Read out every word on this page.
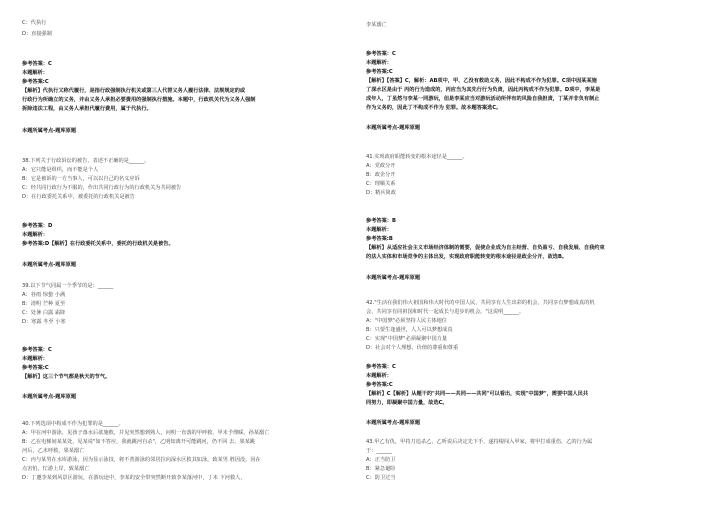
C：代执行
D：直接强制
参考答案：C
本题解析：
参考答案:C
【解析】代执行又称代履行，是指行政强制执行机关或第三人代替义务人履行法律、法规规定的或
行政行为所确立的义务，并由义务人承担必要费用的强制执行措施。本题中，行政机关代为义务人强制
拆除违法工程，由义务人承担代履行费用，属于代执行。
本题所属考点-题库原题
38.下列关于行政诉讼的被告，表述不正确的是______。
A：它只能是组织，而不能是个人
B：它是被诉的一方当事人，可以以自己的名义应诉
C：经共同行政行为不服的，作出共同行政行为的行政机关为共同被告
D：在行政委托关系中，被委托的行政机关是被告
参考答案：D
本题解析：
参考答案:D【解析】在行政委托关系中，委托的行政机关是被告。
本题所属考点-题库原题
39.以下节气同属一个季节的是：______
A：谷雨 惊蛰 小满
B：清明 芒种 夏至
C：处暑 白露 霜降
D：寒露 冬至 小寒
参考答案：C
本题解析：
参考答案:C
【解析】这三个节气都是秋天的节气。
本题所属考点-题库原题
40.下列选项中构成不作为犯罪的是______。
A：甲在河中游泳，见孩子落水后欲施救，并见突然想到熟人，问明一直落的甲呼救，甲未予理睬，孙某溺亡
B：乙在电梯间某某处，见某说"如不答应，我就跳河自杀"，乙明知离开可能跳河，仍不回 去，果某跳
河后，乙未呼救，果某溺亡
C：丙与某男在水库游泳，因为显示泳技，将不善游泳的邻居拉向深水区救其如泳，致某男 胜因没，因在
点害怕，忙游上岸，致某溺亡
D：丁邀李某到风景区游玩，在游玩途中，李某的安全带突然断开致李某落河中，丁未 下河救人，
李某溺亡
参考答案：C
本题解析：
参考答案:C
【解析】【答案】C，解析：AB项中，甲、乙没有救助义务，因此不构成不作为犯罪。C项中因某某施
了深水区是由于 丙的行为造成的，丙应当为其先行行为负责，因此丙构成不作为犯罪。D项中，李某是
成年人，丁虽然与李某一同游玩，但是李某应当对游玩活动所伴有的风险自我担责，丁某并非负有制止
作为义务的，因此丁不构成不作为 犯罪。故本题答案选C。
本题所属考点-题库原题
41.实现政府职能转变的根本途径是______。
A：党政分开
B：政企分开
C：理顺关系
D：精兵简政
参考答案：B
本题解析：
参考答案:B
【解析】从适应社会主义市场经济体制的需要，促使企业成为自主经营、自负盈亏、自我发展、自我约束
的法人实体和市场竞争的主体出发，实现政府职能转变的根本途径是政企分开，故选B。
本题所属考点-题库原题
42."生活在我们伟大祖国和伟大时代的中国人民，共同享有人生出彩的机会，共同享有梦想成真的机
会，共同享有同祖国和时代一起成长与进步的机会。"这说明______。
A："中国梦"必须坚持人民主体地位
B：只要生逢盛世，人人可以梦想成真
C：实现"中国梦"必须凝聚中国力量
D：社会对个人理想、价值的尊重和尊重
参考答案：C
本题解析：
参考答案:C
【解析】C【解析】从题干的"共同——共同——共同"可以看出，实现"中国梦"，需要中国人民共
同努力，即凝聚中国力量，故选C。
本题所属考点-题库原题
43.甲乙有仇，甲持刀追杀乙，乙听说后决定先下手，遂持棍闯入甲家，将甲打成重伤，乙的行为属
于：______
A：正当防卫
B：紧急避险
C：防卫过当
